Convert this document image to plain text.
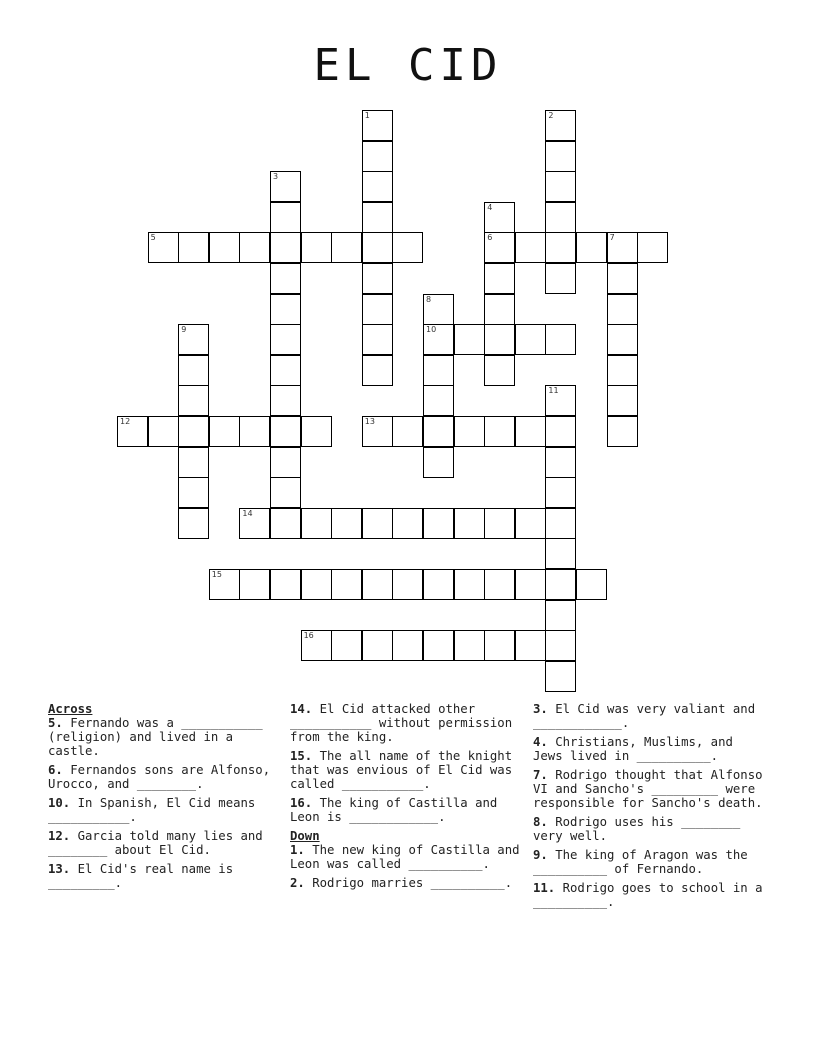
EL CID
1	2
3
4
6
5	7
8
10
9
11
12	13
14
15
16

Across

5. Fernando was a ___________ (religion) and lived in a castle.

6. Fernandos sons are Alfonso, Urocco, and ________.

10. In Spanish, El Cid means ___________.

12. Garcia told many lies and ________ about El Cid.

13. El Cid's real name is _________.

14. El Cid attacked other ___________ without permission from the king.

15. The all name of the knight that was envious of El Cid was called ___________.

16. The king of Castilla and Leon is ____________.

Down

1. The new king of Castilla and Leon was called __________.

2. Rodrigo marries __________.

3. El Cid was very valiant and ____________.

4. Christians, Muslims, and Jews lived in __________.

7. Rodrigo thought that Alfonso VI and Sancho's _________ were responsible for Sancho's death.

8. Rodrigo uses his ________ very well.

9. The king of Aragon was the __________ of Fernando.

11. Rodrigo goes to school in a __________.
